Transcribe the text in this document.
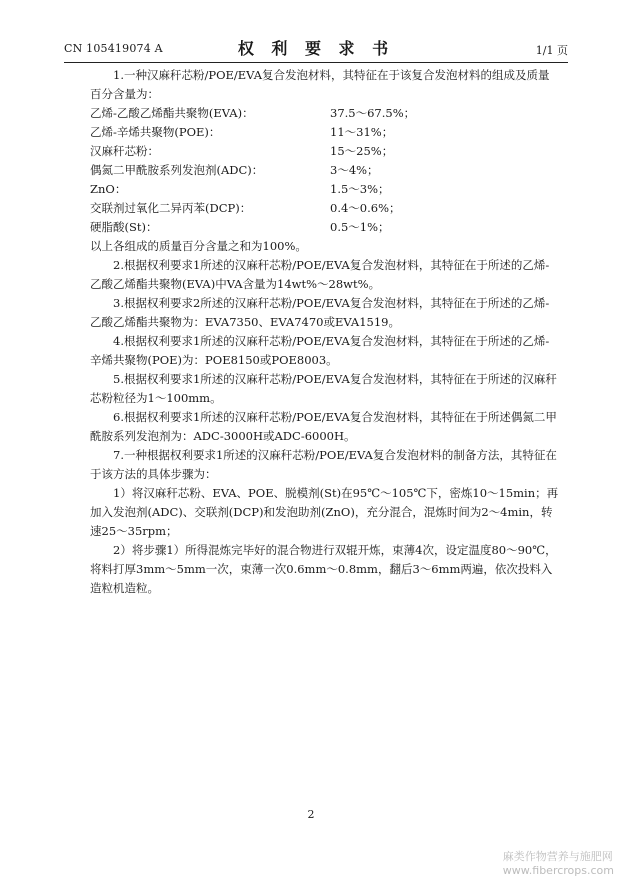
CN 105419074 A	权 利 要 求 书	1/1 页

1.一种汉麻秆芯粉/POE/EVA复合发泡材料，其特征在于该复合发泡材料的组成及质量百分含量为：

乙烯-乙酸乙烯酯共聚物(EVA)：	37.5～67.5%；
乙烯-辛烯共聚物(POE)：	11～31%；
汉麻秆芯粉：	15～25%；
偶氮二甲酰胺系列发泡剂(ADC)：	3～4%；
ZnO：	1.5～3%；
交联剂过氧化二异丙苯(DCP)：	0.4～0.6%；
硬脂酸(St)：	0.5～1%；

以上各组成的质量百分含量之和为100%。

2.根据权利要求1所述的汉麻秆芯粉/POE/EVA复合发泡材料，其特征在于所述的乙烯-乙酸乙烯酯共聚物(EVA)中VA含量为14wt%～28wt%。

3.根据权利要求2所述的汉麻秆芯粉/POE/EVA复合发泡材料，其特征在于所述的乙烯-乙酸乙烯酯共聚物为：EVA7350、EVA7470或EVA1519。

4.根据权利要求1所述的汉麻秆芯粉/POE/EVA复合发泡材料，其特征在于所述的乙烯-辛烯共聚物(POE)为：POE8150或POE8003。

5.根据权利要求1所述的汉麻秆芯粉/POE/EVA复合发泡材料，其特征在于所述的汉麻秆芯粉粒径为1～100mm。

6.根据权利要求1所述的汉麻秆芯粉/POE/EVA复合发泡材料，其特征在于所述偶氮二甲酰胺系列发泡剂为：ADC-3000H或ADC-6000H。

7.一种根据权利要求1所述的汉麻秆芯粉/POE/EVA复合发泡材料的制备方法，其特征在于该方法的具体步骤为：

1）将汉麻秆芯粉、EVA、POE、脱模剂(St)在95℃～105℃下，密炼10～15min；再加入发泡剂(ADC)、交联剂(DCP)和发泡助剂(ZnO)，充分混合，混炼时间为2～4min，转速25～35rpm；

2）将步骤1）所得混炼完毕好的混合物进行双辊开炼，束薄4次，设定温度80～90℃，将料打厚3mm～5mm一次，束薄一次0.6mm～0.8mm，翻后3～6mm两遍，依次投料入造粒机造粒。

2
麻类作物营养与施肥网
www.fibercrops.com
